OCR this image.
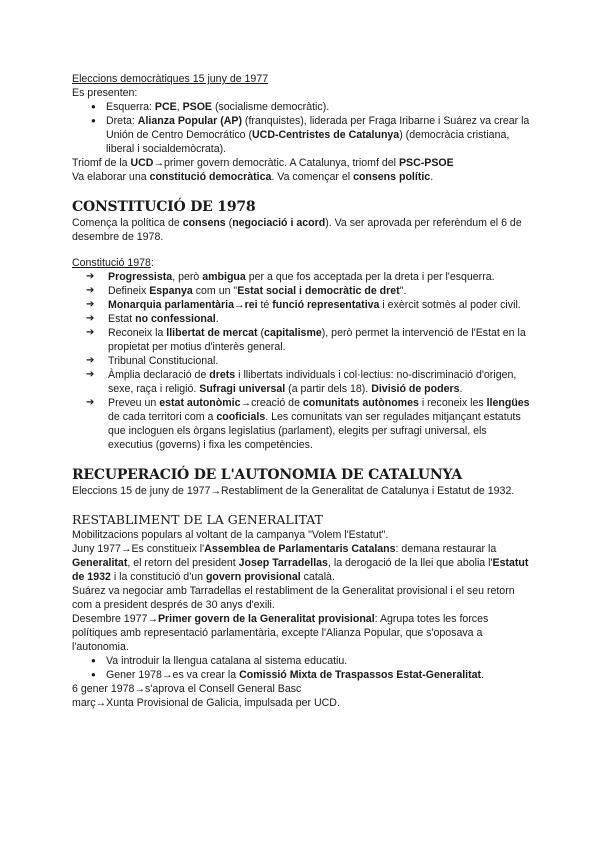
Eleccions democràtiques 15 juny de 1977

Es presenten:

● Esquerra: PCE, PSOE (socialisme democràtic).
● Dreta: Alianza Popular (AP) (franquistes), liderada per Fraga Iribarne i Suárez va crear la Unión de Centro Democrático (UCD-Centristes de Catalunya) (democràcia cristiana, liberal i socialdemòcrata).

Triomf de la UCD→primer govern democràtic. A Catalunya, triomf del PSC-PSOE

Va elaborar una constitució democràtica. Va començar el consens polític.

CONSTITUCIÓ DE 1978

Comença la política de consens (negociació i acord). Va ser aprovada per referèndum el 6 de desembre de 1978.

Constitució 1978:

➔ Progressista, però ambigua per a que fos acceptada per la dreta i per l'esquerra.
➔ Defineix Espanya com un "Estat social i democràtic de dret".
➔ Monarquia parlamentària→rei té funció representativa i exèrcit sotmès al poder civil.
➔ Estat no confessional.
➔ Reconeix la llibertat de mercat (capitalisme), però permet la intervenció de l'Estat en la propietat per motius d'interès general.
➔ Tribunal Constitucional.
➔ Àmplia declaració de drets i llibertats individuals i col·lectius: no-discriminació d'origen, sexe, raça i religió. Sufragi universal (a partir dels 18). Divisió de poders.
➔ Preveu un estat autonòmic→creació de comunitats autònomes i reconeix les llengües de cada territori com a cooficials. Les comunitats van ser regulades mitjançant estatuts que incloguen els òrgans legislatius (parlament), elegits per sufragi universal, els executius (governs) i fixa les competències.
RECUPERACIÓ DE L'AUTONOMIA DE CATALUNYA

Eleccions 15 de juny de 1977→Restabliment de la Generalitat de Catalunya i Estatut de 1932.

RESTABLIMENT DE LA GENERALITAT

Mobilitzacions populars al voltant de la campanya "Volem l'Estatut".

Juny 1977→Es constitueix l'Assemblea de Parlamentaris Catalans: demana restaurar la Generalitat, el retorn del president Josep Tarradellas, la derogació de la llei que abolia l'Estatut de 1932 i la constitució d'un govern provisional català.

Suárez va negociar amb Tarradellas el restabliment de la Generalitat provisional i el seu retorn com a president després de 30 anys d'exili.

Desembre 1977→Primer govern de la Generalitat provisional: Agrupa totes les forces polítiques amb representació parlamentària, excepte l'Alianza Popular, que s'oposava a l'autonomia.

● Va introduir la llengua catalana al sistema educatiu.
● Gener 1978→es va crear la Comissió Mixta de Traspassos Estat-Generalitat.

6 gener 1978→s'aprova el Consell General Basc

març→Xunta Provisional de Galicia, impulsada per UCD.
